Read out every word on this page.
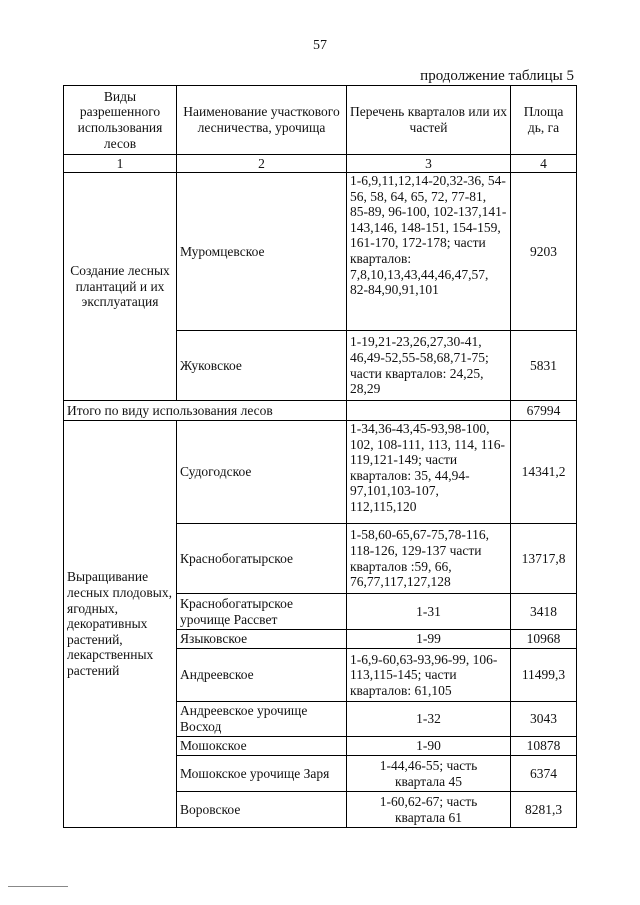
57
продолжение таблицы 5
Виды разрешенного использования лесов	Наименование участкового лесничества, урочища	Перечень кварталов или их частей	Площа дь, га
1	2	3	4
Создание лесных плантаций и их эксплуатация	Муромцевское	1-6,9,11,12,14-20,32-36, 54-56, 58, 64, 65, 72, 77-81, 85-89, 96-100, 102-137,141-143,146, 148-151, 154-159, 161-170, 172-178; части кварталов: 7,8,10,13,43,44,46,47,57, 82-84,90,91,101	9203
	Жуковское	1-19,21-23,26,27,30-41, 46,49-52,55-58,68,71-75; части кварталов: 24,25, 28,29	5831
Итого по виду использования лесов			67994
Выращивание лесных плодовых, ягодных, декоративных растений, лекарственных растений	Судогодское	1-34,36-43,45-93,98-100, 102, 108-111, 113, 114, 116-119,121-149; части кварталов: 35, 44,94-97,101,103-107, 112,115,120	14341,2
	Краснобогатырское	1-58,60-65,67-75,78-116, 118-126, 129-137 части кварталов :59, 66, 76,77,117,127,128	13717,8
	Краснобогатырское урочище Рассвет	1-31	3418
	Языковское	1-99	10968
	Андреевское	1-6,9-60,63-93,96-99, 106-113,115-145; части кварталов: 61,105	11499,3
	Андреевское урочище Восход	1-32	3043
	Мошокское	1-90	10878
	Мошокское урочище Заря	1-44,46-55; часть квартала 45	6374
	Воровское	1-60,62-67; часть квартала 61	8281,3
